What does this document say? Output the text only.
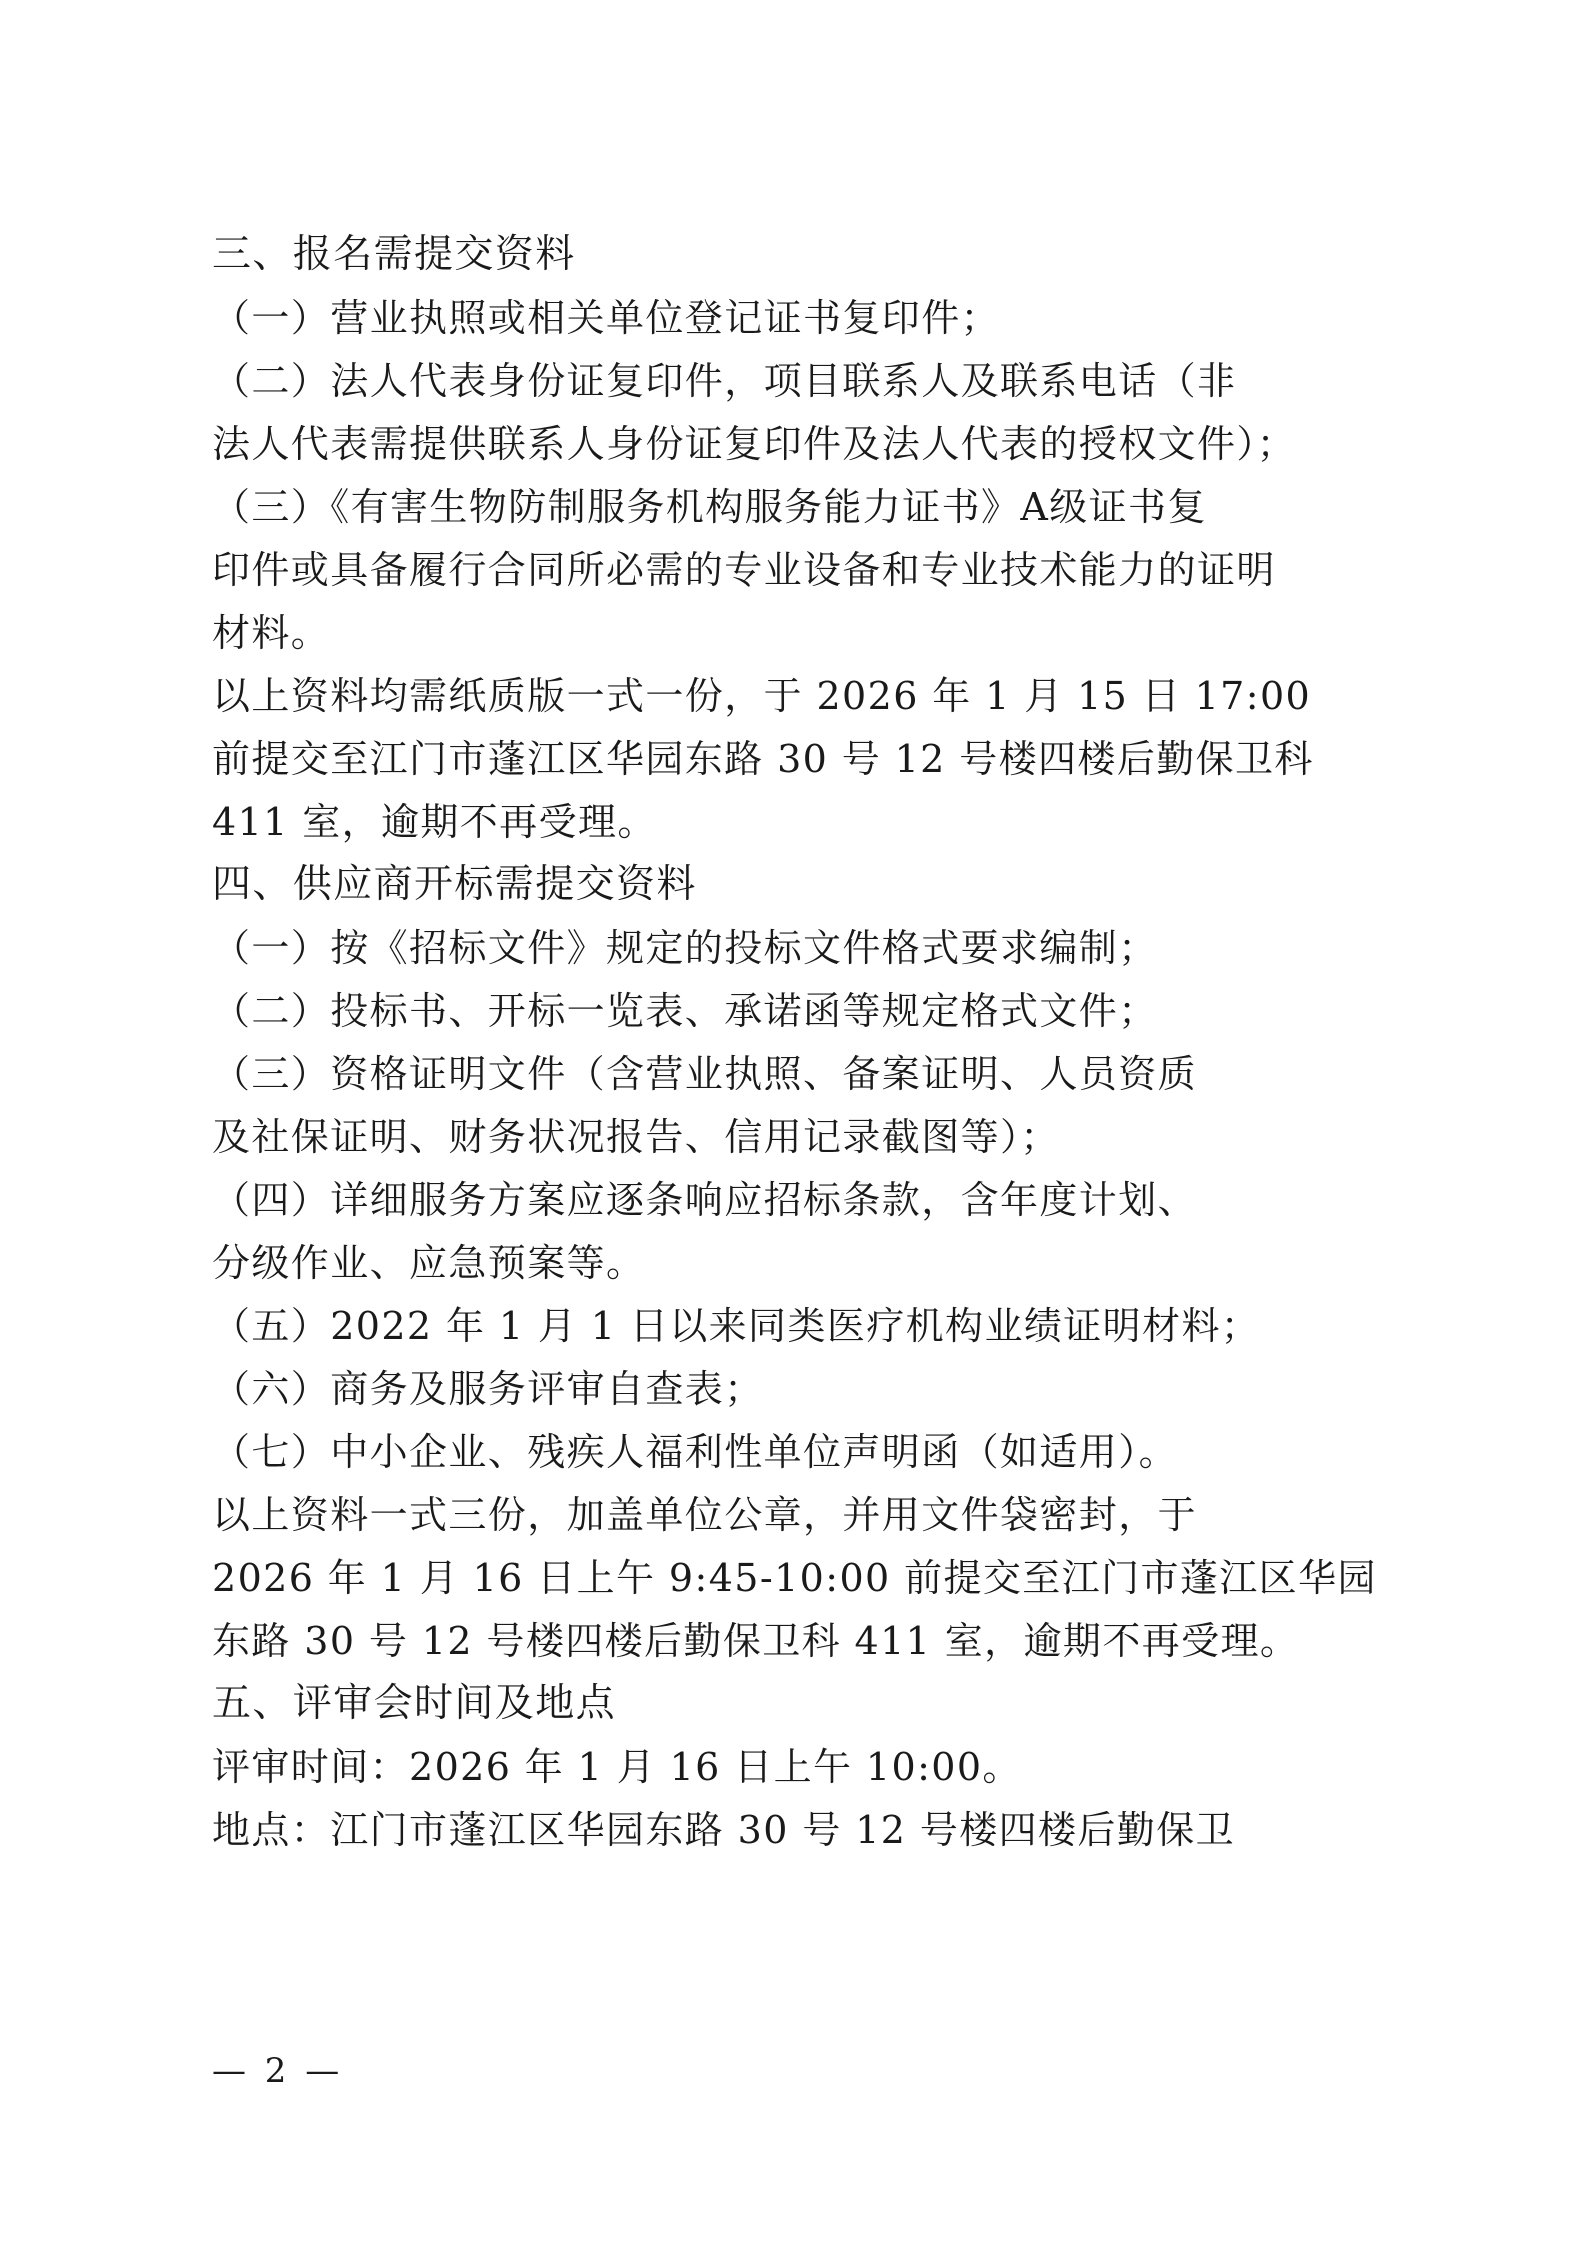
三、报名需提交资料
（一）营业执照或相关单位登记证书复印件；
（二）法人代表身份证复印件，项目联系人及联系电话（非
法人代表需提供联系人身份证复印件及法人代表的授权文件）；
（三）《有害生物防制服务机构服务能力证书》A级证书复
印件或具备履行合同所必需的专业设备和专业技术能力的证明
材料。
以上资料均需纸质版一式一份，于 2026 年 1 月 15 日 17:00
前提交至江门市蓬江区华园东路 30 号 12 号楼四楼后勤保卫科
411 室，逾期不再受理。
四、供应商开标需提交资料
（一）按《招标文件》规定的投标文件格式要求编制；
（二）投标书、开标一览表、承诺函等规定格式文件；
（三）资格证明文件（含营业执照、备案证明、人员资质
及社保证明、财务状况报告、信用记录截图等）；
（四）详细服务方案应逐条响应招标条款，含年度计划、
分级作业、应急预案等。
（五）2022 年 1 月 1 日以来同类医疗机构业绩证明材料；
（六）商务及服务评审自查表；
（七）中小企业、残疾人福利性单位声明函（如适用）。
以上资料一式三份，加盖单位公章，并用文件袋密封，于
2026 年 1 月 16 日上午 9:45-10:00 前提交至江门市蓬江区华园
东路 30 号 12 号楼四楼后勤保卫科 411 室，逾期不再受理。
五、评审会时间及地点
评审时间：2026 年 1 月 16 日上午 10:00。
地点：江门市蓬江区华园东路 30 号 12 号楼四楼后勤保卫
— 2 —
